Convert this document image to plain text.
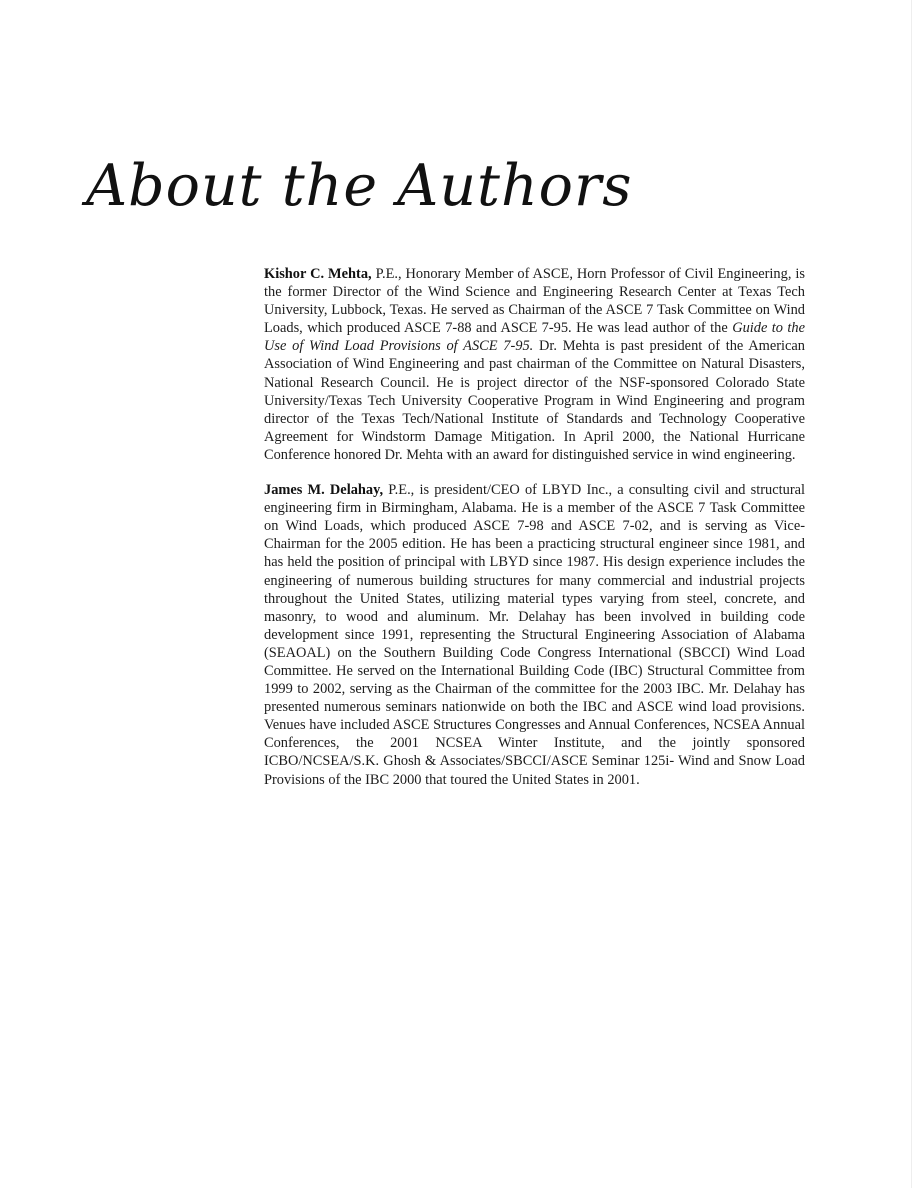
About the Authors

Kishor C. Mehta, P.E., Honorary Member of ASCE, Horn Professor of Civil Engineering, is the former Director of the Wind Science and Engineering Research Center at Texas Tech University, Lubbock, Texas. He served as Chairman of the ASCE 7 Task Committee on Wind Loads, which produced ASCE 7-88 and ASCE 7-95. He was lead author of the Guide to the Use of Wind Load Provisions of ASCE 7-95. Dr. Mehta is past president of the American Association of Wind Engineering and past chairman of the Committee on Natural Disasters, National Research Council. He is project director of the NSF-sponsored Colorado State University/Texas Tech University Cooperative Program in Wind Engineering and program director of the Texas Tech/National Institute of Standards and Technology Cooperative Agreement for Windstorm Damage Mitigation. In April 2000, the National Hurricane Conference honored Dr. Mehta with an award for distinguished service in wind engineering.

James M. Delahay, P.E., is president/CEO of LBYD Inc., a consulting civil and structural engineering firm in Birmingham, Alabama. He is a member of the ASCE 7 Task Committee on Wind Loads, which produced ASCE 7-98 and ASCE 7-02, and is serving as Vice-Chairman for the 2005 edition. He has been a practicing structural engineer since 1981, and has held the position of principal with LBYD since 1987. His design experience includes the engineering of numerous building structures for many commercial and industrial projects throughout the United States, utilizing material types varying from steel, concrete, and masonry, to wood and aluminum. Mr. Delahay has been involved in building code development since 1991, representing the Structural Engineering Association of Alabama (SEAOAL) on the Southern Building Code Congress International (SBCCI) Wind Load Committee. He served on the International Building Code (IBC) Structural Committee from 1999 to 2002, serving as the Chairman of the committee for the 2003 IBC. Mr. Delahay has presented numerous seminars nationwide on both the IBC and ASCE wind load provisions. Venues have included ASCE Structures Congresses and Annual Conferences, NCSEA Annual Conferences, the 2001 NCSEA Winter Institute, and the jointly sponsored ICBO/NCSEA/S.K. Ghosh & Associates/SBCCI/ASCE Seminar 125i- Wind and Snow Load Provisions of the IBC 2000 that toured the United States in 2001.
